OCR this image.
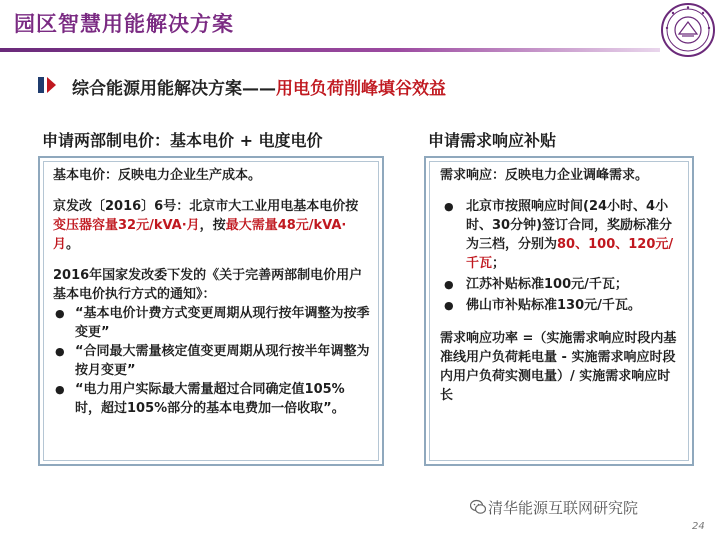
园区智慧用能解决方案
综合能源用能解决方案——用电负荷削峰填谷效益
申请两部制电价：基本电价 + 电度电价	申请需求响应补贴
基本电价：反映电力企业生产成本。
京发改〔2016〕6号：北京市大工业用电基本电价按变压器容量32元/kVA·月，按最大需量48元/kVA·月。
2016年国家发改委下发的《关于完善两部制电价用户基本电价执行方式的通知》：
● “基本电价计费方式变更周期从现行按年调整为按季变更”
● “合同最大需量核定值变更周期从现行按半年调整为按月变更”
● “电力用户实际最大需量超过合同确定值105%时，超过105%部分的基本电费加一倍收取”。
需求响应：反映电力企业调峰需求。
● 北京市按照响应时间(24小时、4小时、30分钟)签订合同，奖励标准分为三档，分别为80、100、120元/千瓦；
● 江苏补贴标准100元/千瓦；
● 佛山市补贴标准130元/千瓦。
需求响应功率 =（实施需求响应时段内基准线用户负荷耗电量 - 实施需求响应时段内用户负荷实测电量）/ 实施需求响应时长
清华能源互联网研究院
24
